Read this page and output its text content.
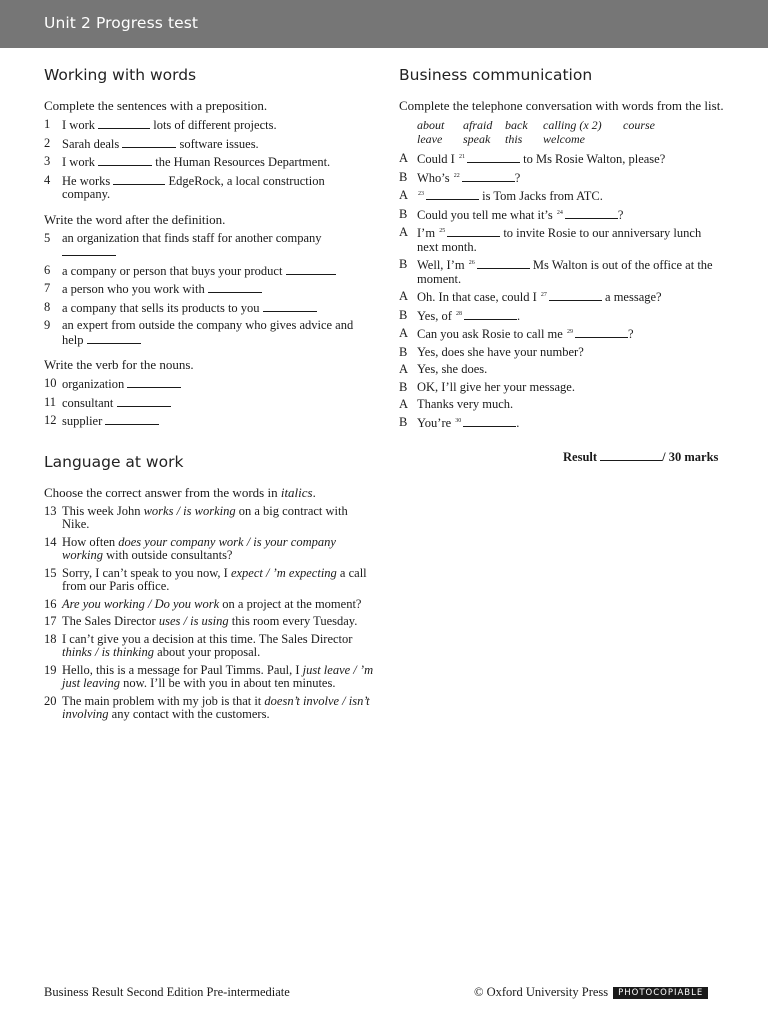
Unit 2 Progress test
Working with words

Complete the sentences with a preposition.

1 I work	lots of different projects.
2 Sarah deals	software issues.
3 I work	the Human Resources Department.
4 He works	EdgeRock, a local construction company.

Write the word after the definition.

5 an organization that finds staff for another company
6 a company or person that buys your product
7 a person who you work with
8 a company that sells its products to you
9 an expert from outside the company who gives advice and help

Write the verb for the nouns.

10 organization
11 consultant
12 supplier
Language at work

Choose the correct answer from the words in italics.

13 This week John works / is working on a big contract with Nike.
14 How often does your company work / is your company working with outside consultants?
15 Sorry, I can’t speak to you now, I expect / ’m expecting a call from our Paris office.
16 Are you working / Do you work on a project at the moment?
17 The Sales Director uses / is using this room every Tuesday.
18 I can’t give you a decision at this time. The Sales Director thinks / is thinking about your proposal.
19 Hello, this is a message for Paul Timms. Paul, I just leave / ’m just leaving now. I’ll be with you in about ten minutes.
20 The main problem with my job is that it doesn’t involve / isn’t involving any contact with the customers.
Business communication

Complete the telephone conversation with words from the list.

about	afraid	back	calling (x 2)	course
leave	speak	this	welcome
A Could I $^{21}$	to Ms Rosie Walton, please?
B Who’s $^{22}$	?
A	$^{23}$	is Tom Jacks from ATC.
B Could you tell me what it’s $^{24}$	?
A I’m $^{25}$	to invite Rosie to our anniversary lunch next month.
B Well, I’m $^{26}$	Ms Walton is out of the office at the moment.
A Oh. In that case, could I $^{27}$	a message?
B Yes, of $^{28}$	.
A Can you ask Rosie to call me $^{29}$	?
B Yes, does she have your number?
A Yes, she does.
B OK, I’ll give her your message.
A Thanks very much.
B You’re $^{30}$	.
Result	/ 30 marks
Business Result Second Edition Pre-intermediate	© Oxford University Press PHOTOCOPIABLE
